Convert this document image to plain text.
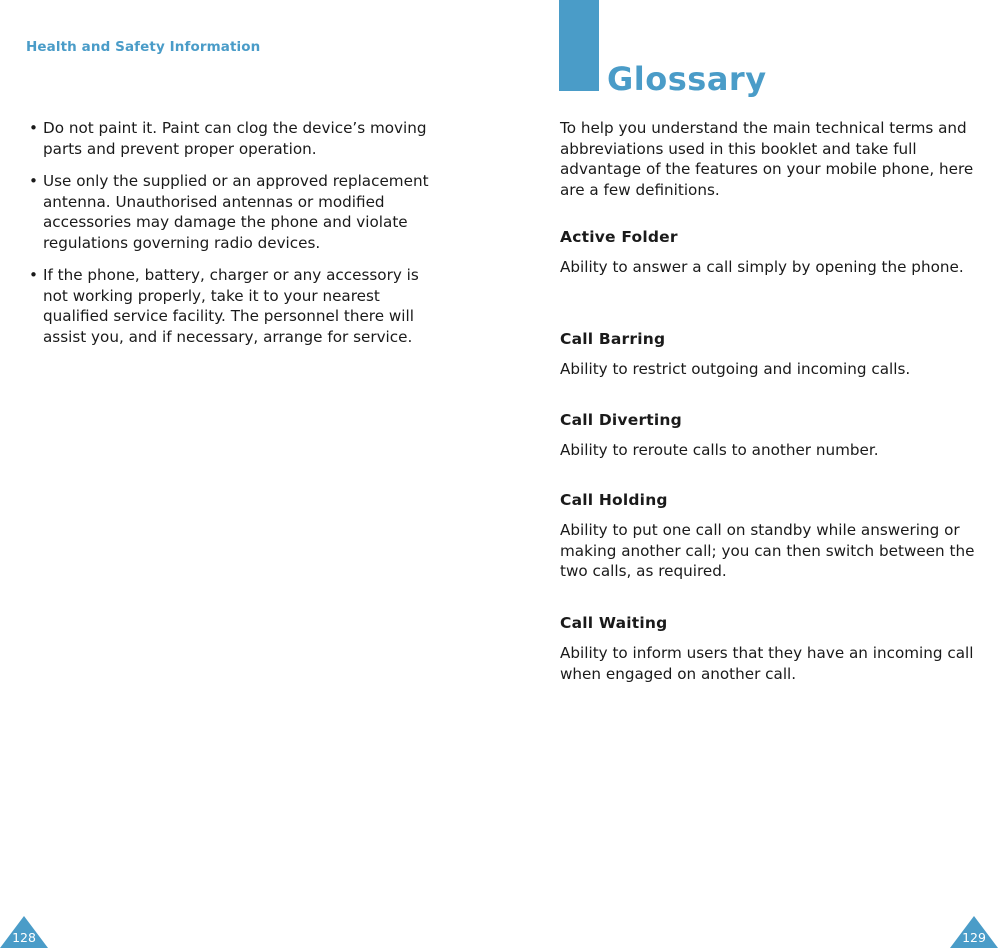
Health and Safety Information
• Do not paint it. Paint can clog the device’s moving parts and prevent proper operation.
• Use only the supplied or an approved replacement antenna. Unauthorised antennas or modified accessories may damage the phone and violate regulations governing radio devices.
• If the phone, battery, charger or any accessory is not working properly, take it to your nearest qualified service facility. The personnel there will assist you, and if necessary, arrange for service.
128
Glossary

To help you understand the main technical terms and abbreviations used in this booklet and take full advantage of the features on your mobile phone, here are a few definitions.

Active Folder

Ability to answer a call simply by opening the phone.

Call Barring

Ability to restrict outgoing and incoming calls.

Call Diverting

Ability to reroute calls to another number.

Call Holding

Ability to put one call on standby while answering or making another call; you can then switch between the two calls, as required.

Call Waiting

Ability to inform users that they have an incoming call when engaged on another call.

129
